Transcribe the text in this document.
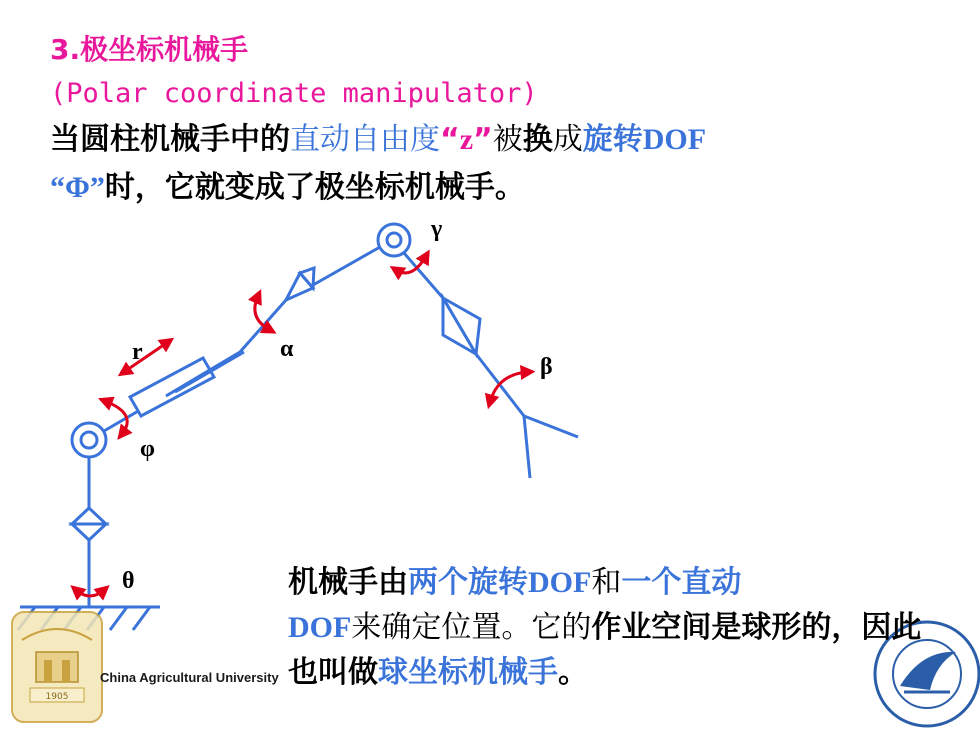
3.极坐标机械手
(Polar coordinate manipulator)
当圆柱机械手中的直动自由度“z”被换成旋转DOF
“Φ”时，它就变成了极坐标机械手。
γ
α
β
r
φ
θ
1905
China Agricultural University
机械手由两个旋转DOF和一个直动
DOF来确定位置。它的作业空间是球形的，因此也叫做球坐标机械手。
